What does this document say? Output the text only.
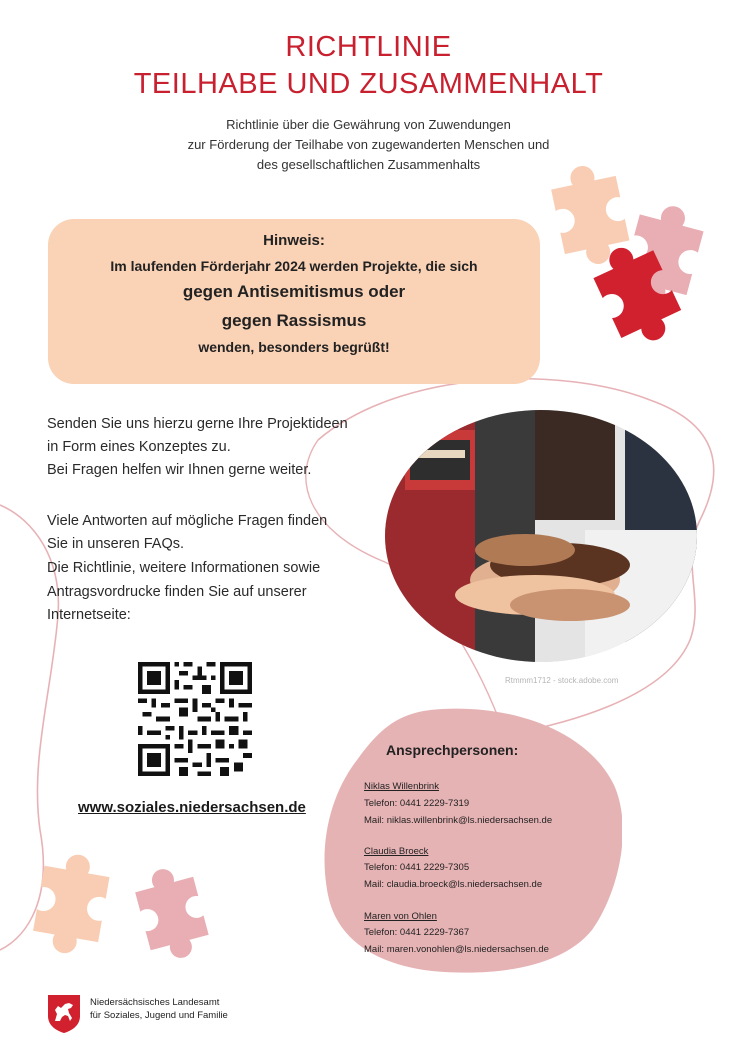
RICHTLINIE
TEILHABE UND ZUSAMMENHALT
Richtlinie über die Gewährung von Zuwendungen
zur Förderung der Teilhabe von zugewanderten Menschen und
des gesellschaftlichen Zusammenhalts
Hinweis:
Im laufenden Förderjahr 2024 werden Projekte, die sich
gegen Antisemitismus oder
gegen Rassismus
wenden, besonders begrüßt!
Senden Sie uns hierzu gerne Ihre Projektideen
in Form eines Konzeptes zu.
Bei Fragen helfen wir Ihnen gerne weiter.
Viele Antworten auf mögliche Fragen finden
Sie in unseren FAQs.
Die Richtlinie, weitere Informationen sowie
Antragsvordrucke finden Sie auf unserer
Internetseite:
Rtmmm1712 - stock.adobe.com
www.soziales.niedersachsen.de
Ansprechpersonen:
Niklas Willenbrink
Telefon: 0441 2229-7319
Mail: niklas.willenbrink@ls.niedersachsen.de
Claudia Broeck
Telefon: 0441 2229-7305
Mail: claudia.broeck@ls.niedersachsen.de
Maren von Ohlen
Telefon: 0441 2229-7367
Mail: maren.vonohlen@ls.niedersachsen.de
Niedersächsisches Landesamt
für Soziales, Jugend und Familie
